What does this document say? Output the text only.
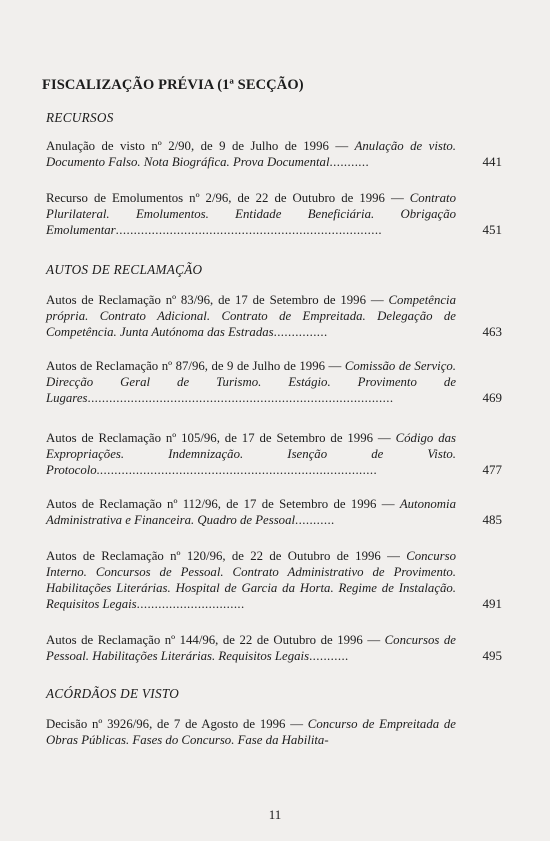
FISCALIZAÇÃO PRÉVIA (1ª SECÇÃO)
RECURSOS
Anulação de visto nº 2/90, de 9 de Julho de 1996 — Anulação de visto. Documento Falso. Nota Biográfica. Prova Documental...........	441
Recurso de Emolumentos nº 2/96, de 22 de Outubro de 1996 — Contrato Plurilateral. Emolumentos. Entidade Beneficiária. Obrigação Emolumentar..........................................................................	451
AUTOS DE RECLAMAÇÃO
Autos de Reclamação nº 83/96, de 17 de Setembro de 1996 — Competência própria. Contrato Adicional. Contrato de Empreitada. Delegação de Competência. Junta Autónoma das Estradas...............	463
Autos de Reclamação nº 87/96, de 9 de Julho de 1996 — Comissão de Serviço. Direcção Geral de Turismo. Estágio. Provimento de Lugares.....................................................................................	469
Autos de Reclamação nº 105/96, de 17 de Setembro de 1996 — Código das Expropriações. Indemnização. Isenção de Visto. Protocolo..............................................................................	477
Autos de Reclamação nº 112/96, de 17 de Setembro de 1996 — Autonomia Administrativa e Financeira. Quadro de Pessoal...........	485
Autos de Reclamação nº 120/96, de 22 de Outubro de 1996 — Concurso Interno. Concursos de Pessoal. Contrato Administrativo de Provimento. Habilitações Literárias. Hospital de Garcia da Horta. Regime de Instalação. Requisitos Legais..............................	491
Autos de Reclamação nº 144/96, de 22 de Outubro de 1996 — Concursos de Pessoal. Habilitações Literárias. Requisitos Legais...........	495
ACÓRDÃOS DE VISTO
Decisão nº 3926/96, de 7 de Agosto de 1996 — Concurso de Empreitada de Obras Públicas. Fases do Concurso. Fase da Habilita-
11
